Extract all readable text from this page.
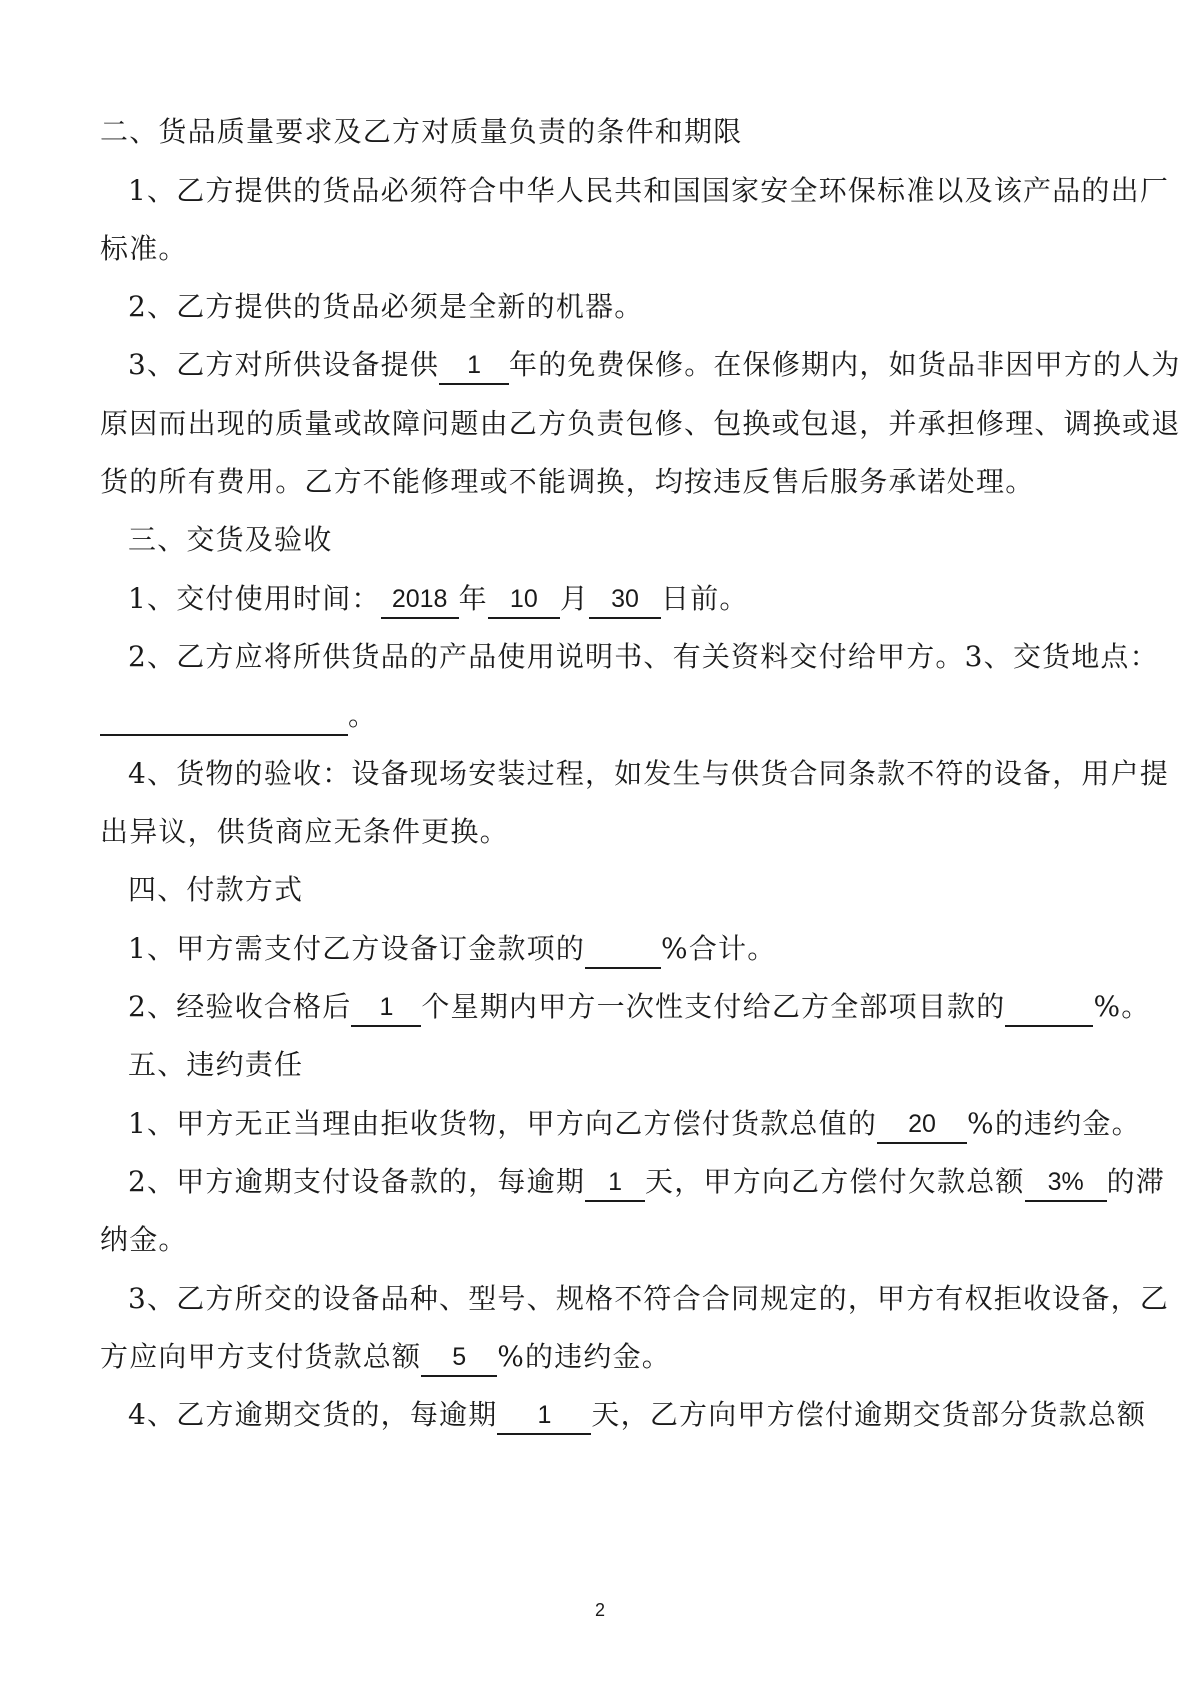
二、货品质量要求及乙方对质量负责的条件和期限
1、乙方提供的货品必须符合中华人民共和国国家安全环保标准以及该产品的出厂
标准。
2、乙方提供的货品必须是全新的机器。
3、乙方对所供设备提供 1 年的免费保修。在保修期内，如货品非因甲方的人为
原因而出现的质量或故障问题由乙方负责包修、包换或包退，并承担修理、调换或退
货的所有费用。乙方不能修理或不能调换，均按违反售后服务承诺处理。
三、交货及验收
1、交付使用时间： 2018 年 10 月 30 日前。
2、乙方应将所供货品的产品使用说明书、有关资料交付给甲方。3、交货地点：
。
4、货物的验收：设备现场安装过程，如发生与供货合同条款不符的设备，用户提
出异议，供货商应无条件更换。
四、付款方式
1、甲方需支付乙方设备订金款项的	%合计。
2、经验收合格后 1 个星期内甲方一次性支付给乙方全部项目款的	%。
五、违约责任
1、甲方无正当理由拒收货物，甲方向乙方偿付货款总值的 20 %的违约金。
2、甲方逾期支付设备款的，每逾期 1 天，甲方向乙方偿付欠款总额 3% 的滞
纳金。
3、乙方所交的设备品种、型号、规格不符合合同规定的，甲方有权拒收设备，乙
方应向甲方支付货款总额 5 %的违约金。
4、乙方逾期交货的，每逾期 1 天，乙方向甲方偿付逾期交货部分货款总额
2
